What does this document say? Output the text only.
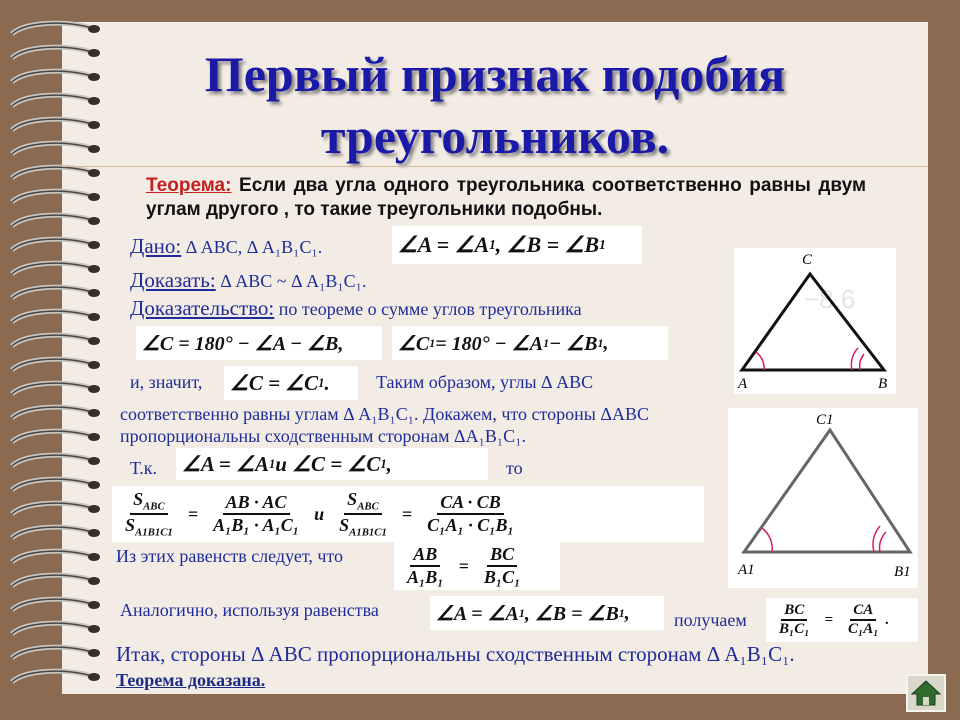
Первый признак подобия
треугольников.
Теорема: Если два угла одного треугольника соответственно равны двум углам другого , то такие треугольники подобны.
Дано: Δ ABC, Δ A₁B₁C₁.	∠A = ∠A 1 , ∠B = ∠B 1
Доказать: Δ ABC ~ Δ A₁B₁C₁.
Доказательство: по теореме о сумме углов треугольника
∠C = 180° − ∠A − ∠B,	∠C 1 = 180° − ∠A 1 − ∠B 1 ,
и, значит, ∠C = ∠C 1 .	Таким образом, углы Δ ABC
соответственно равны углам Δ A₁B₁C₁. Докажем, что стороны ΔABC
пропорциональны сходственным сторонам ΔA₁B₁C₁.
Т.к. ∠A = ∠A 1 и ∠C = ∠C 1 ,	то
$\frac{S_{ABC}}{S_{A1B1C1}} = \frac{AB \cdot AC}{\text{A₁B₁ · A₁C₁}}$ и $\frac{S_{ABC}}{S_{A1B1C1}} = \frac{CA \cdot CB}{\text{C₁A₁ · C₁B₁}}$
Из этих равенств следует, что	$\frac{AB}{\text{A₁B₁}} = \frac{BC}{\text{B₁C₁}}$
Аналогично, используя равенства	∠A = ∠A 1 , ∠B = ∠B 1 , получаем $\frac{BC}{\text{B₁C₁}} = \frac{CA}{\text{C₁A₁}}$ .
Итак, стороны Δ ABC пропорциональны сходственным сторонам Δ A₁B₁C₁.
Теорема доказана.
−8,6
C
A	B
C1
A1	B1
